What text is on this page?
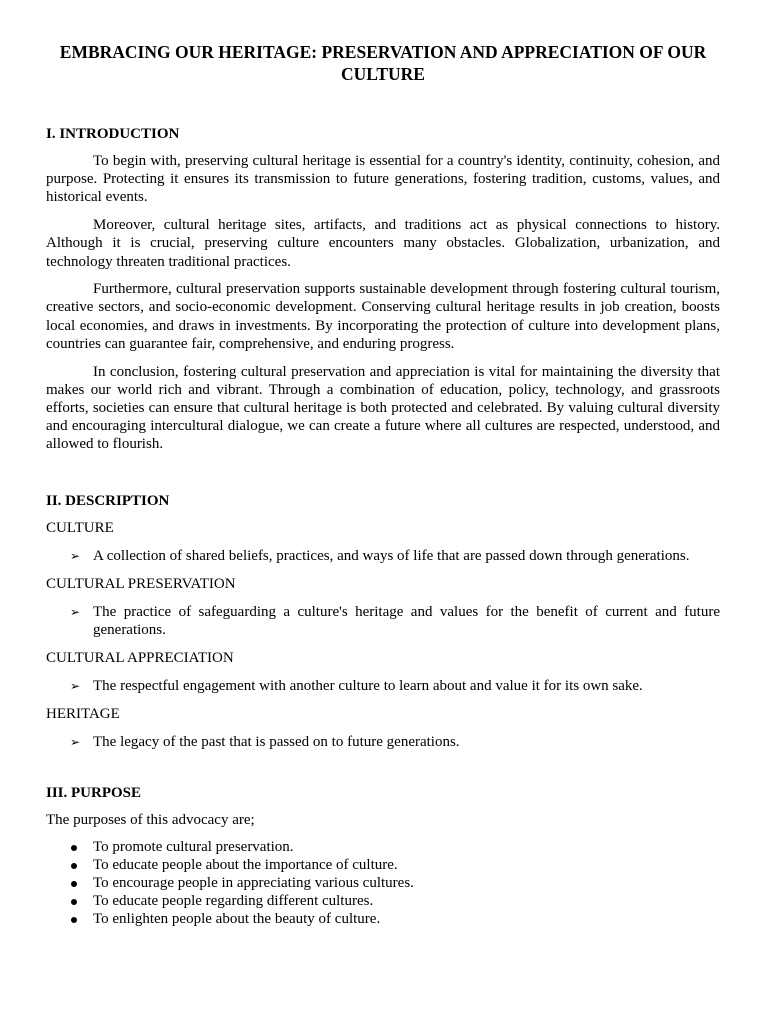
EMBRACING OUR HERITAGE: PRESERVATION AND APPRECIATION OF OUR CULTURE
I. INTRODUCTION

To begin with, preserving cultural heritage is essential for a country's identity, continuity, cohesion, and purpose. Protecting it ensures its transmission to future generations, fostering tradition, customs, values, and historical events.

Moreover, cultural heritage sites, artifacts, and traditions act as physical connections to history. Although it is crucial, preserving culture encounters many obstacles. Globalization, urbanization, and technology threaten traditional practices.

Furthermore, cultural preservation supports sustainable development through fostering cultural tourism, creative sectors, and socio-economic development. Conserving cultural heritage results in job creation, boosts local economies, and draws in investments. By incorporating the protection of culture into development plans, countries can guarantee fair, comprehensive, and enduring progress.

In conclusion, fostering cultural preservation and appreciation is vital for maintaining the diversity that makes our world rich and vibrant. Through a combination of education, policy, technology, and grassroots efforts, societies can ensure that cultural heritage is both protected and celebrated. By valuing cultural diversity and encouraging intercultural dialogue, we can create a future where all cultures are respected, understood, and allowed to flourish.

II. DESCRIPTION
CULTURE
➢ A collection of shared beliefs, practices, and ways of life that are passed down through generations.
CULTURAL PRESERVATION
➢ The practice of safeguarding a culture's heritage and values for the benefit of current and future generations.
CULTURAL APPRECIATION
➢ The respectful engagement with another culture to learn about and value it for its own sake.
HERITAGE
➢ The legacy of the past that is passed on to future generations.
III. PURPOSE

The purposes of this advocacy are;

To promote cultural preservation.
To educate people about the importance of culture.
To encourage people in appreciating various cultures.
To educate people regarding different cultures.
To enlighten people about the beauty of culture.
